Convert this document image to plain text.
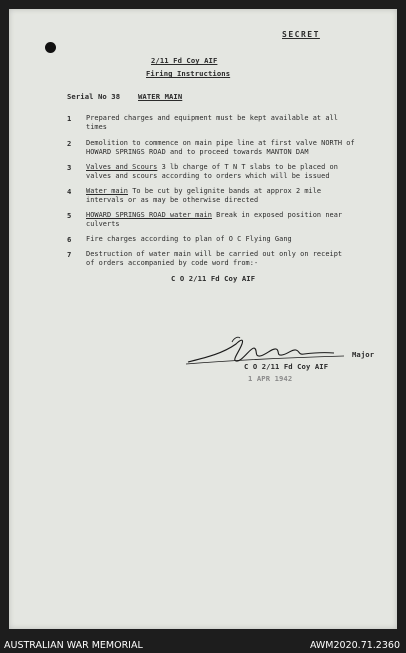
SECRET
2/11 Fd Coy AIF
Firing Instructions
Serial No 38 WATER MAIN
1 Prepared charges and equipment must be kept available at all
times
2 Demolition to commence on main pipe line at first valve NORTH of
HOWARD SPRINGS ROAD and to proceed towards MANTON DAM
3 Valves and Scours 3 lb charge of T N T slabs to be placed on
valves and scours according to orders which will be issued
4 Water main To be cut by gelignite bands at approx 2 mile
intervals or as may be otherwise directed
5 HOWARD SPRINGS ROAD water main Break in exposed position near
culverts
6 Fire charges according to plan of O C Flying Gang
7 Destruction of water main will be carried out only on receipt
of orders accompanied by code word from:-
C O 2/11 Fd Coy AIF
Major
C O 2/11 Fd Coy AIF
1 APR 1942
AUSTRALIAN WAR MEMORIAL	AWM2020.71.2360
